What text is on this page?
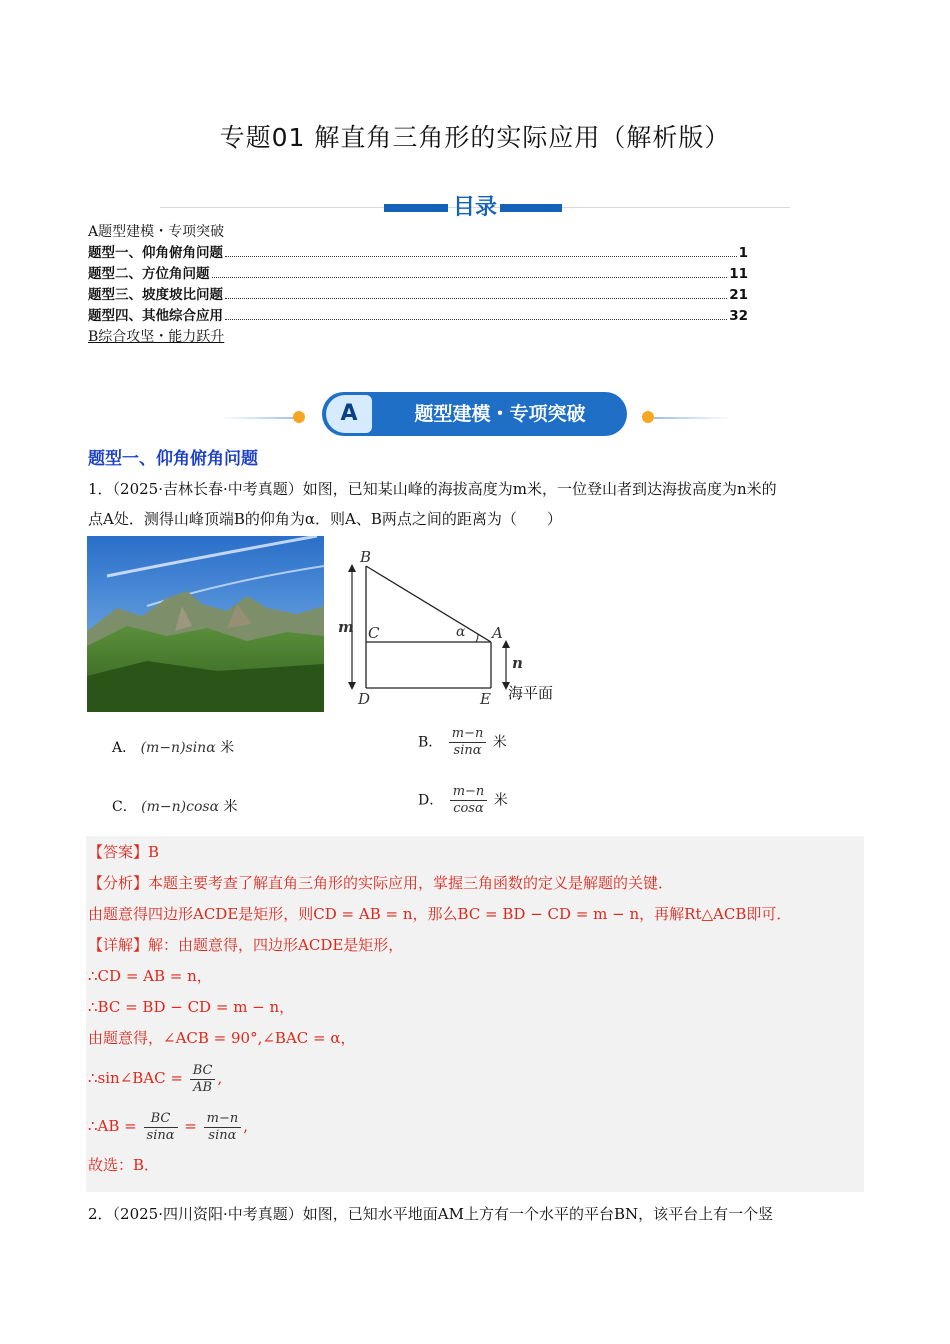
专题01 解直角三角形的实际应用（解析版）
目录
A题型建模・专项突破
题型一、仰角俯角问题	1
题型二、方位角问题	11
题型三、坡度坡比问题	21
题型四、其他综合应用	32
B综合攻坚・能力跃升
A	题型建模・专项突破
题型一、仰角俯角问题
1．（2025·吉林长春·中考真题）如图，已知某山峰的海拔高度为m米，一位登山者到达海拔高度为n米的
点A处．测得山峰顶端B的仰角为α．则A、B两点之间的距离为（　　）
B
m C	α A
n
D	E 海平面
A． (m−n)sinα 米	B． $\frac{m-n}{\sin\alpha}$ 米
C． (m−n)cosα 米	D． $\frac{m-n}{\cos\alpha}$ 米
【答案】B
【分析】本题主要考查了解直角三角形的实际应用，掌握三角函数的定义是解题的关键．
由题意得四边形ACDE是矩形，则CD = AB = n，那么BC = BD − CD = m − n，再解Rt△ACB即可．
【详解】解：由题意得，四边形ACDE是矩形，
∴CD = AB = n，
∴BC = BD − CD = m − n，
由题意得，∠ACB = 90°,∠BAC = α，
∴sin∠BAC = $\frac{BC}{AB}$ ,
∴AB = $\frac{BC}{\sin\alpha} = \frac{m-n}{\sin\alpha}$ ,
故选：B．
2．（2025·四川资阳·中考真题）如图，已知水平地面AM上方有一个水平的平台BN，该平台上有一个竖
